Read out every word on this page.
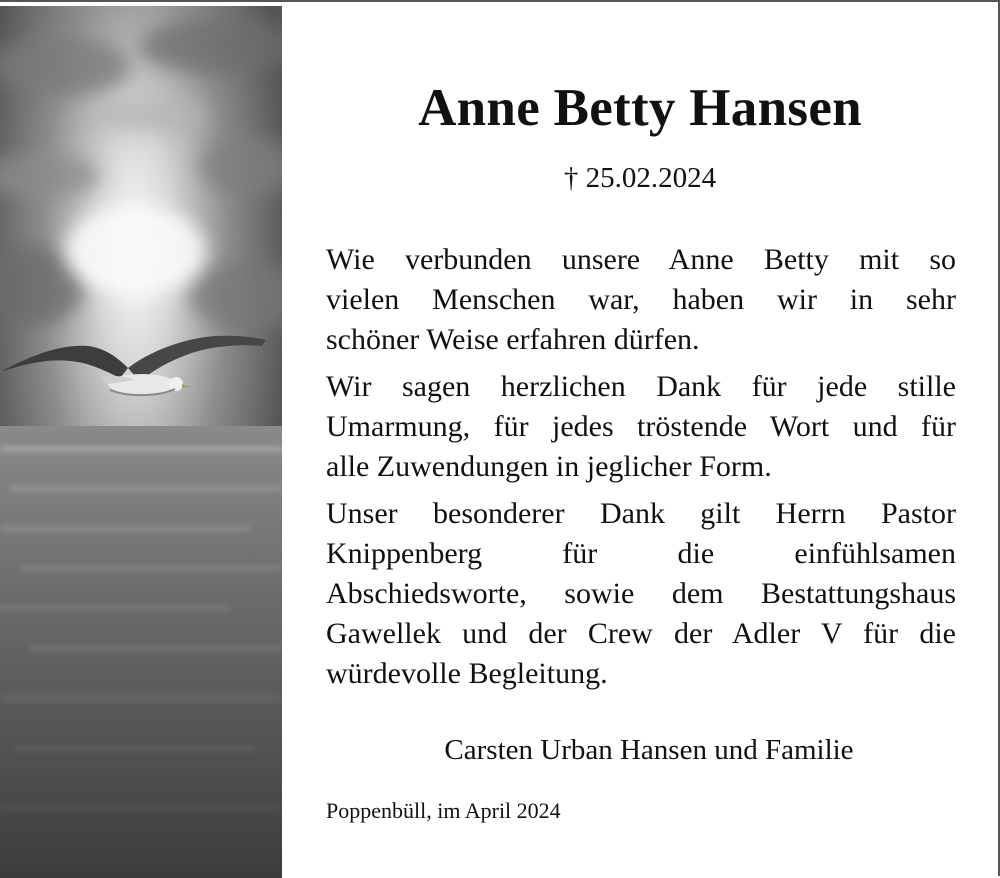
Anne Betty Hansen
† 25.02.2024

Wie verbunden unsere Anne Betty mit so
vielen Menschen war, haben wir in sehr
schöner Weise erfahren dürfen.

Wir sagen herzlichen Dank für jede stille
Umarmung, für jedes tröstende Wort und für
alle Zuwendungen in jeglicher Form.

Unser besonderer Dank gilt Herrn Pastor
Knippenberg für die einfühlsamen
Abschiedsworte, sowie dem Bestattungshaus
Gawellek und der Crew der Adler V für die
würdevolle Begleitung.

Carsten Urban Hansen und Familie
Poppenbüll, im April 2024
